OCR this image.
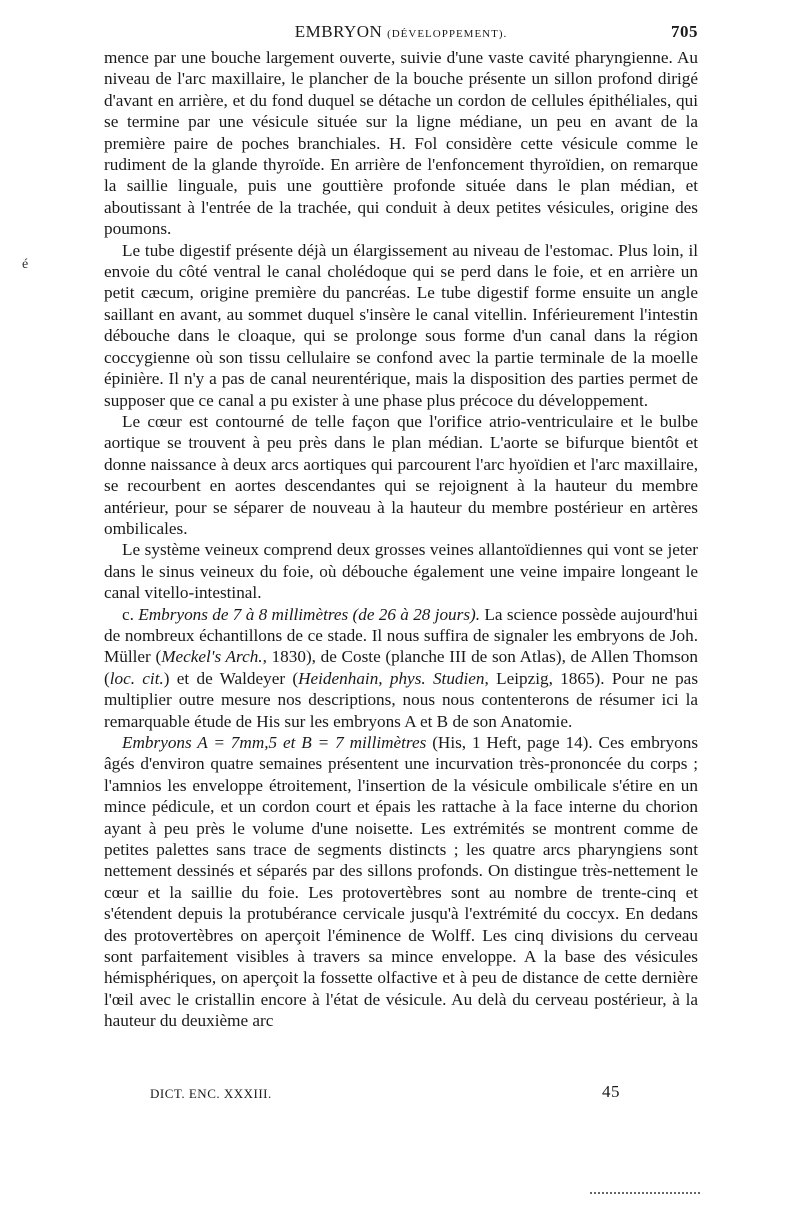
EMBRYON (DÉVELOPPEMENT).	705
é

mence par une bouche largement ouverte, suivie d'une vaste cavité pharyngienne. Au niveau de l'arc maxillaire, le plancher de la bouche présente un sillon profond dirigé d'avant en arrière, et du fond duquel se détache un cordon de cellules épithéliales, qui se termine par une vésicule située sur la ligne médiane, un peu en avant de la première paire de poches branchiales. H. Fol considère cette vésicule comme le rudiment de la glande thyroïde. En arrière de l'enfoncement thyroïdien, on remarque la saillie linguale, puis une gouttière profonde située dans le plan médian, et aboutissant à l'entrée de la trachée, qui conduit à deux petites vésicules, origine des poumons.

Le tube digestif présente déjà un élargissement au niveau de l'estomac. Plus loin, il envoie du côté ventral le canal cholédoque qui se perd dans le foie, et en arrière un petit cæcum, origine première du pancréas. Le tube digestif forme ensuite un angle saillant en avant, au sommet duquel s'insère le canal vitellin. Inférieurement l'intestin débouche dans le cloaque, qui se prolonge sous forme d'un canal dans la région coccygienne où son tissu cellulaire se confond avec la partie terminale de la moelle épinière. Il n'y a pas de canal neurentérique, mais la disposition des parties permet de supposer que ce canal a pu exister à une phase plus précoce du développement.

Le cœur est contourné de telle façon que l'orifice atrio-ventriculaire et le bulbe aortique se trouvent à peu près dans le plan médian. L'aorte se bifurque bientôt et donne naissance à deux arcs aortiques qui parcourent l'arc hyoïdien et l'arc maxillaire, se recourbent en aortes descendantes qui se rejoignent à la hauteur du membre antérieur, pour se séparer de nouveau à la hauteur du membre postérieur en artères ombilicales.

Le système veineux comprend deux grosses veines allantoïdiennes qui vont se jeter dans le sinus veineux du foie, où débouche également une veine impaire longeant le canal vitello-intestinal.

c. Embryons de 7 à 8 millimètres (de 26 à 28 jours). La science possède aujourd'hui de nombreux échantillons de ce stade. Il nous suffira de signaler les embryons de Joh. Müller (Meckel's Arch., 1830), de Coste (planche III de son Atlas), de Allen Thomson (loc. cit.) et de Waldeyer (Heidenhain, phys. Studien, Leipzig, 1865). Pour ne pas multiplier outre mesure nos descriptions, nous nous contenterons de résumer ici la remarquable étude de His sur les embryons A et B de son Anatomie.

Embryons A = 7mm,5 et B = 7 millimètres (His, 1 Heft, page 14). Ces embryons âgés d'environ quatre semaines présentent une incurvation très-prononcée du corps ; l'amnios les enveloppe étroitement, l'insertion de la vésicule ombilicale s'étire en un mince pédicule, et un cordon court et épais les rattache à la face interne du chorion ayant à peu près le volume d'une noisette. Les extrémités se montrent comme de petites palettes sans trace de segments distincts ; les quatre arcs pharyngiens sont nettement dessinés et séparés par des sillons profonds. On distingue très-nettement le cœur et la saillie du foie. Les protovertèbres sont au nombre de trente-cinq et s'étendent depuis la protubérance cervicale jusqu'à l'extrémité du coccyx. En dedans des protovertèbres on aperçoit l'éminence de Wolff. Les cinq divisions du cerveau sont parfaitement visibles à travers sa mince enveloppe. A la base des vésicules hémisphériques, on aperçoit la fossette olfactive et à peu de distance de cette dernière l'œil avec le cristallin encore à l'état de vésicule. Au delà du cerveau postérieur, à la hauteur du deuxième arc

DICT. ENC. XXXIII.	45
